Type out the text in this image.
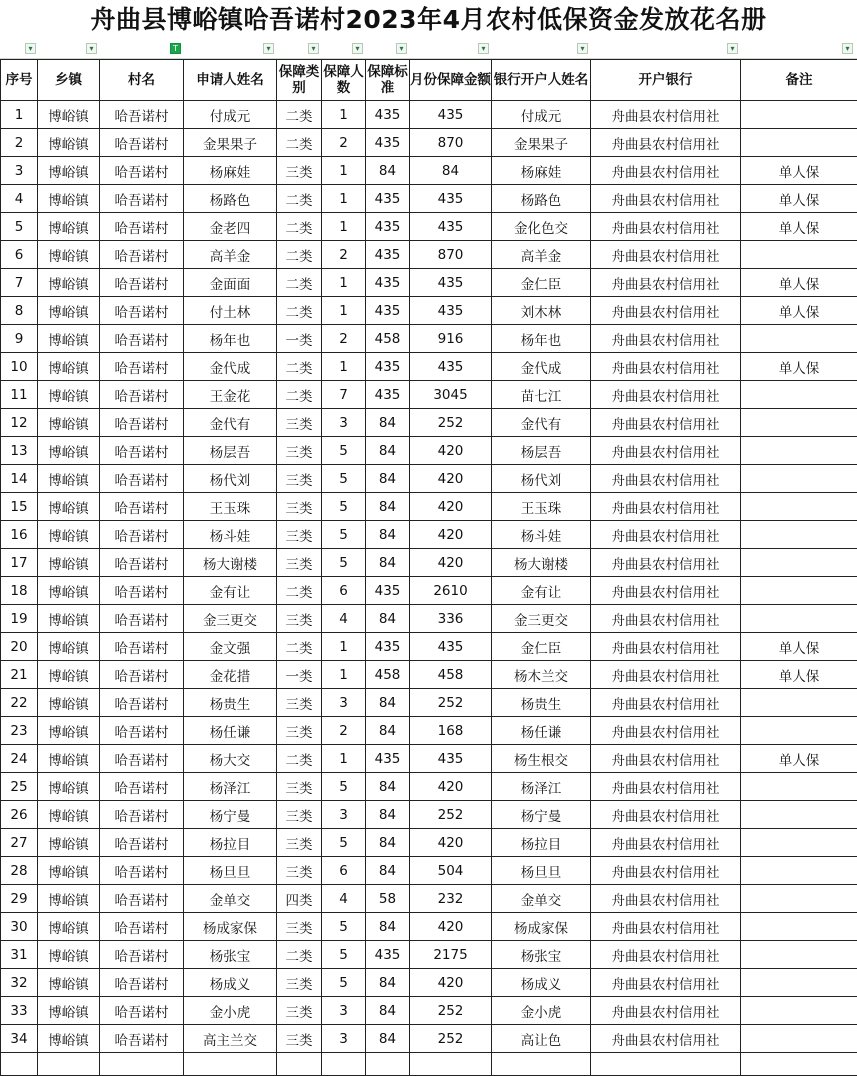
舟曲县博峪镇哈吾诺村2023年4月农村低保资金发放花名册
▾	▾	T	▾	▾	▾	▾	▾	▾	▾	▾
序号	乡镇	村名	申请人姓名	保障类别	保障人数	保障标准	月份保障金额	银行开户人姓名	开户银行	备注
1	博峪镇	哈吾诺村	付成元	二类	1	435	435	付成元	舟曲县农村信用社	
2	博峪镇	哈吾诺村	金果果子	二类	2	435	870	金果果子	舟曲县农村信用社	
3	博峪镇	哈吾诺村	杨麻娃	三类	1	84	84	杨麻娃	舟曲县农村信用社	单人保
4	博峪镇	哈吾诺村	杨路色	二类	1	435	435	杨路色	舟曲县农村信用社	单人保
5	博峪镇	哈吾诺村	金老四	二类	1	435	435	金化色交	舟曲县农村信用社	单人保
6	博峪镇	哈吾诺村	高羊金	二类	2	435	870	高羊金	舟曲县农村信用社	
7	博峪镇	哈吾诺村	金面面	二类	1	435	435	金仁臣	舟曲县农村信用社	单人保
8	博峪镇	哈吾诺村	付土林	二类	1	435	435	刘木林	舟曲县农村信用社	单人保
9	博峪镇	哈吾诺村	杨年也	一类	2	458	916	杨年也	舟曲县农村信用社	
10	博峪镇	哈吾诺村	金代成	二类	1	435	435	金代成	舟曲县农村信用社	单人保
11	博峪镇	哈吾诺村	王金花	二类	7	435	3045	苗七江	舟曲县农村信用社	
12	博峪镇	哈吾诺村	金代有	三类	3	84	252	金代有	舟曲县农村信用社	
13	博峪镇	哈吾诺村	杨层吾	三类	5	84	420	杨层吾	舟曲县农村信用社	
14	博峪镇	哈吾诺村	杨代刘	三类	5	84	420	杨代刘	舟曲县农村信用社	
15	博峪镇	哈吾诺村	王玉珠	三类	5	84	420	王玉珠	舟曲县农村信用社	
16	博峪镇	哈吾诺村	杨斗娃	三类	5	84	420	杨斗娃	舟曲县农村信用社	
17	博峪镇	哈吾诺村	杨大谢楼	三类	5	84	420	杨大谢楼	舟曲县农村信用社	
18	博峪镇	哈吾诺村	金有让	二类	6	435	2610	金有让	舟曲县农村信用社	
19	博峪镇	哈吾诺村	金三更交	三类	4	84	336	金三更交	舟曲县农村信用社	
20	博峪镇	哈吾诺村	金文强	二类	1	435	435	金仁臣	舟曲县农村信用社	单人保
21	博峪镇	哈吾诺村	金花措	一类	1	458	458	杨木兰交	舟曲县农村信用社	单人保
22	博峪镇	哈吾诺村	杨贵生	三类	3	84	252	杨贵生	舟曲县农村信用社	
23	博峪镇	哈吾诺村	杨任谦	三类	2	84	168	杨任谦	舟曲县农村信用社	
24	博峪镇	哈吾诺村	杨大交	二类	1	435	435	杨生根交	舟曲县农村信用社	单人保
25	博峪镇	哈吾诺村	杨泽江	三类	5	84	420	杨泽江	舟曲县农村信用社	
26	博峪镇	哈吾诺村	杨宁曼	三类	3	84	252	杨宁曼	舟曲县农村信用社	
27	博峪镇	哈吾诺村	杨拉目	三类	5	84	420	杨拉目	舟曲县农村信用社	
28	博峪镇	哈吾诺村	杨旦旦	三类	6	84	504	杨旦旦	舟曲县农村信用社	
29	博峪镇	哈吾诺村	金单交	四类	4	58	232	金单交	舟曲县农村信用社	
30	博峪镇	哈吾诺村	杨成家保	三类	5	84	420	杨成家保	舟曲县农村信用社	
31	博峪镇	哈吾诺村	杨张宝	二类	5	435	2175	杨张宝	舟曲县农村信用社	
32	博峪镇	哈吾诺村	杨成义	三类	5	84	420	杨成义	舟曲县农村信用社	
33	博峪镇	哈吾诺村	金小虎	三类	3	84	252	金小虎	舟曲县农村信用社	
34	博峪镇	哈吾诺村	高主兰交	三类	3	84	252	高让色	舟曲县农村信用社	
